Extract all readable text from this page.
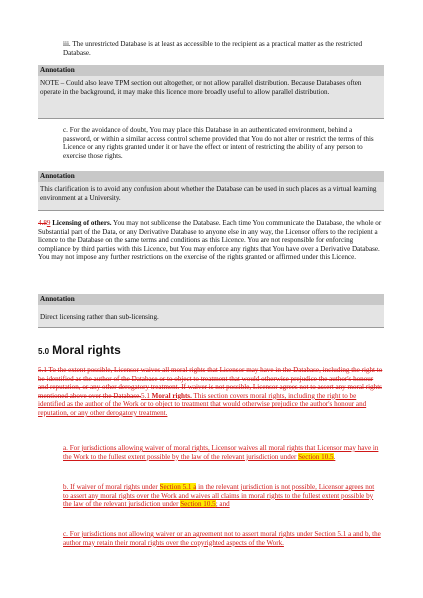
iii. The unrestricted Database is at least as accessible to the recipient as a practical matter as the restricted Database.

Annotation
NOTE – Could also leave TPM section out altogether, or not allow parallel distribution. Because Databases often operate in the background, it may make this licence more broadly useful to allow parallel distribution.

c. For the avoidance of doubt, You may place this Database in an authenticated environment, behind a password, or within a similar access control scheme provided that You do not alter or restrict the terms of this Licence or any rights granted under it or have the effect or intent of restricting the ability of any person to exercise those rights.

Annotation
This clarification is to avoid any confusion about whether the Database can be used in such places as a virtual learning environment at a University.

4.89 Licensing of others. You may not sublicense the Database. Each time You communicate the Database, the whole or Substantial part of the Data, or any Derivative Database to anyone else in any way, the Licensor offers to the recipient a licence to the Database on the same terms and conditions as this Licence. You are not responsible for enforcing compliance by third parties with this Licence, but You may enforce any rights that You have over a Derivative Database. You may not impose any further restrictions on the exercise of the rights granted or affirmed under this Licence.

Annotation
Direct licensing rather than sub-licensing.
5.0 Moral rights

5.1 To the extent possible, Licensor waives all moral rights that Licensor may have in the Database, including the right to be identified as the author of the Database or to object to treatment that would otherwise prejudice the author's honour and reputation, or any other derogatory treatment. If waiver is not possible, Licensor agrees not to assert any moral rights mentioned above over the Database.5.1 Moral rights. This section covers moral rights, including the right to be identified as the author of the Work or to object to treatment that would otherwise prejudice the author's honour and reputation, or any other derogatory treatment.

a. For jurisdictions allowing waiver of moral rights, Licensor waives all moral rights that Licensor may have in the Work to the fullest extent possible by the law of the relevant jurisdiction under Section 10.5.

b. If waiver of moral rights under Section 5.1 a in the relevant jurisdiction is not possible, Licensor agrees not to assert any moral rights over the Work and waives all claims in moral rights to the fullest extent possible by the law of the relevant jurisdiction under Section 10.5; and

c. For jurisdictions not allowing waiver or an agreement not to assert moral rights under Section 5.1 a and b, the author may retain their moral rights over the copyrighted aspects of the Work.
